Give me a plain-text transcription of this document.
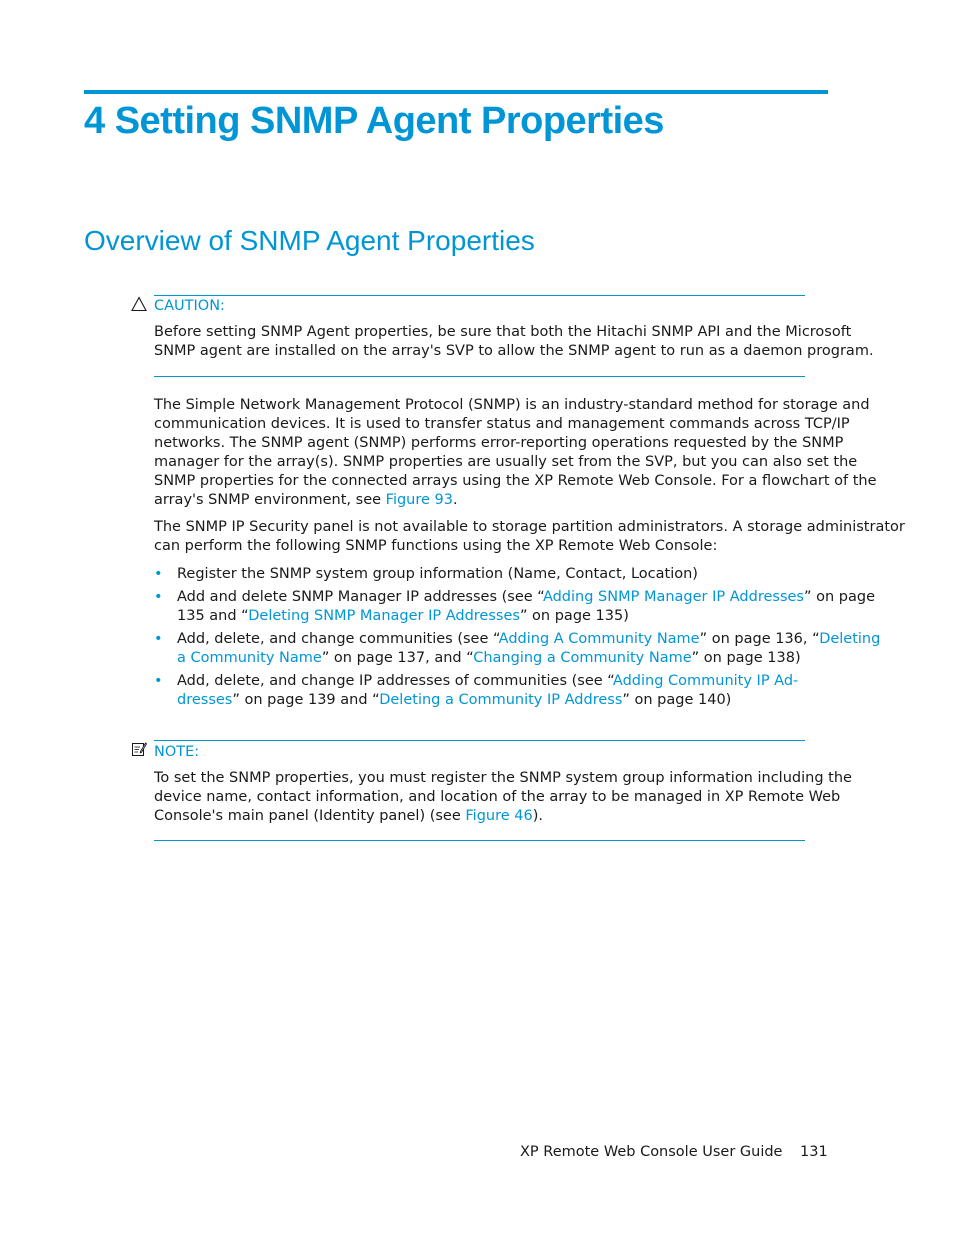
4 Setting SNMP Agent Properties
Overview of SNMP Agent Properties
CAUTION:

Before setting SNMP Agent properties, be sure that both the Hitachi SNMP API and the Microsoft
SNMP agent are installed on the array's SVP to allow the SNMP agent to run as a daemon program.

The Simple Network Management Protocol (SNMP) is an industry-standard method for storage and
communication devices. It is used to transfer status and management commands across TCP/IP
networks. The SNMP agent (SNMP) performs error-reporting operations requested by the SNMP
manager for the array(s). SNMP properties are usually set from the SVP, but you can also set the
SNMP properties for the connected arrays using the XP Remote Web Console. For a flowchart of the
array's SNMP environment, see Figure 93.

The SNMP IP Security panel is not available to storage partition administrators. A storage administrator
can perform the following SNMP functions using the XP Remote Web Console:

• Register the SNMP system group information (Name, Contact, Location)

• Add and delete SNMP Manager IP addresses (see “Adding SNMP Manager IP Addresses” on page
135 and “Deleting SNMP Manager IP Addresses” on page 135)

• Add, delete, and change communities (see “Adding A Community Name” on page 136, “Deleting
a Community Name” on page 137, and “Changing a Community Name” on page 138)

• Add, delete, and change IP addresses of communities (see “Adding Community IP Ad-
dresses” on page 139 and “Deleting a Community IP Address” on page 140)

NOTE:

To set the SNMP properties, you must register the SNMP system group information including the
device name, contact information, and location of the array to be managed in XP Remote Web
Console's main panel (Identity panel) (see Figure 46).

XP Remote Web Console User Guide 131
